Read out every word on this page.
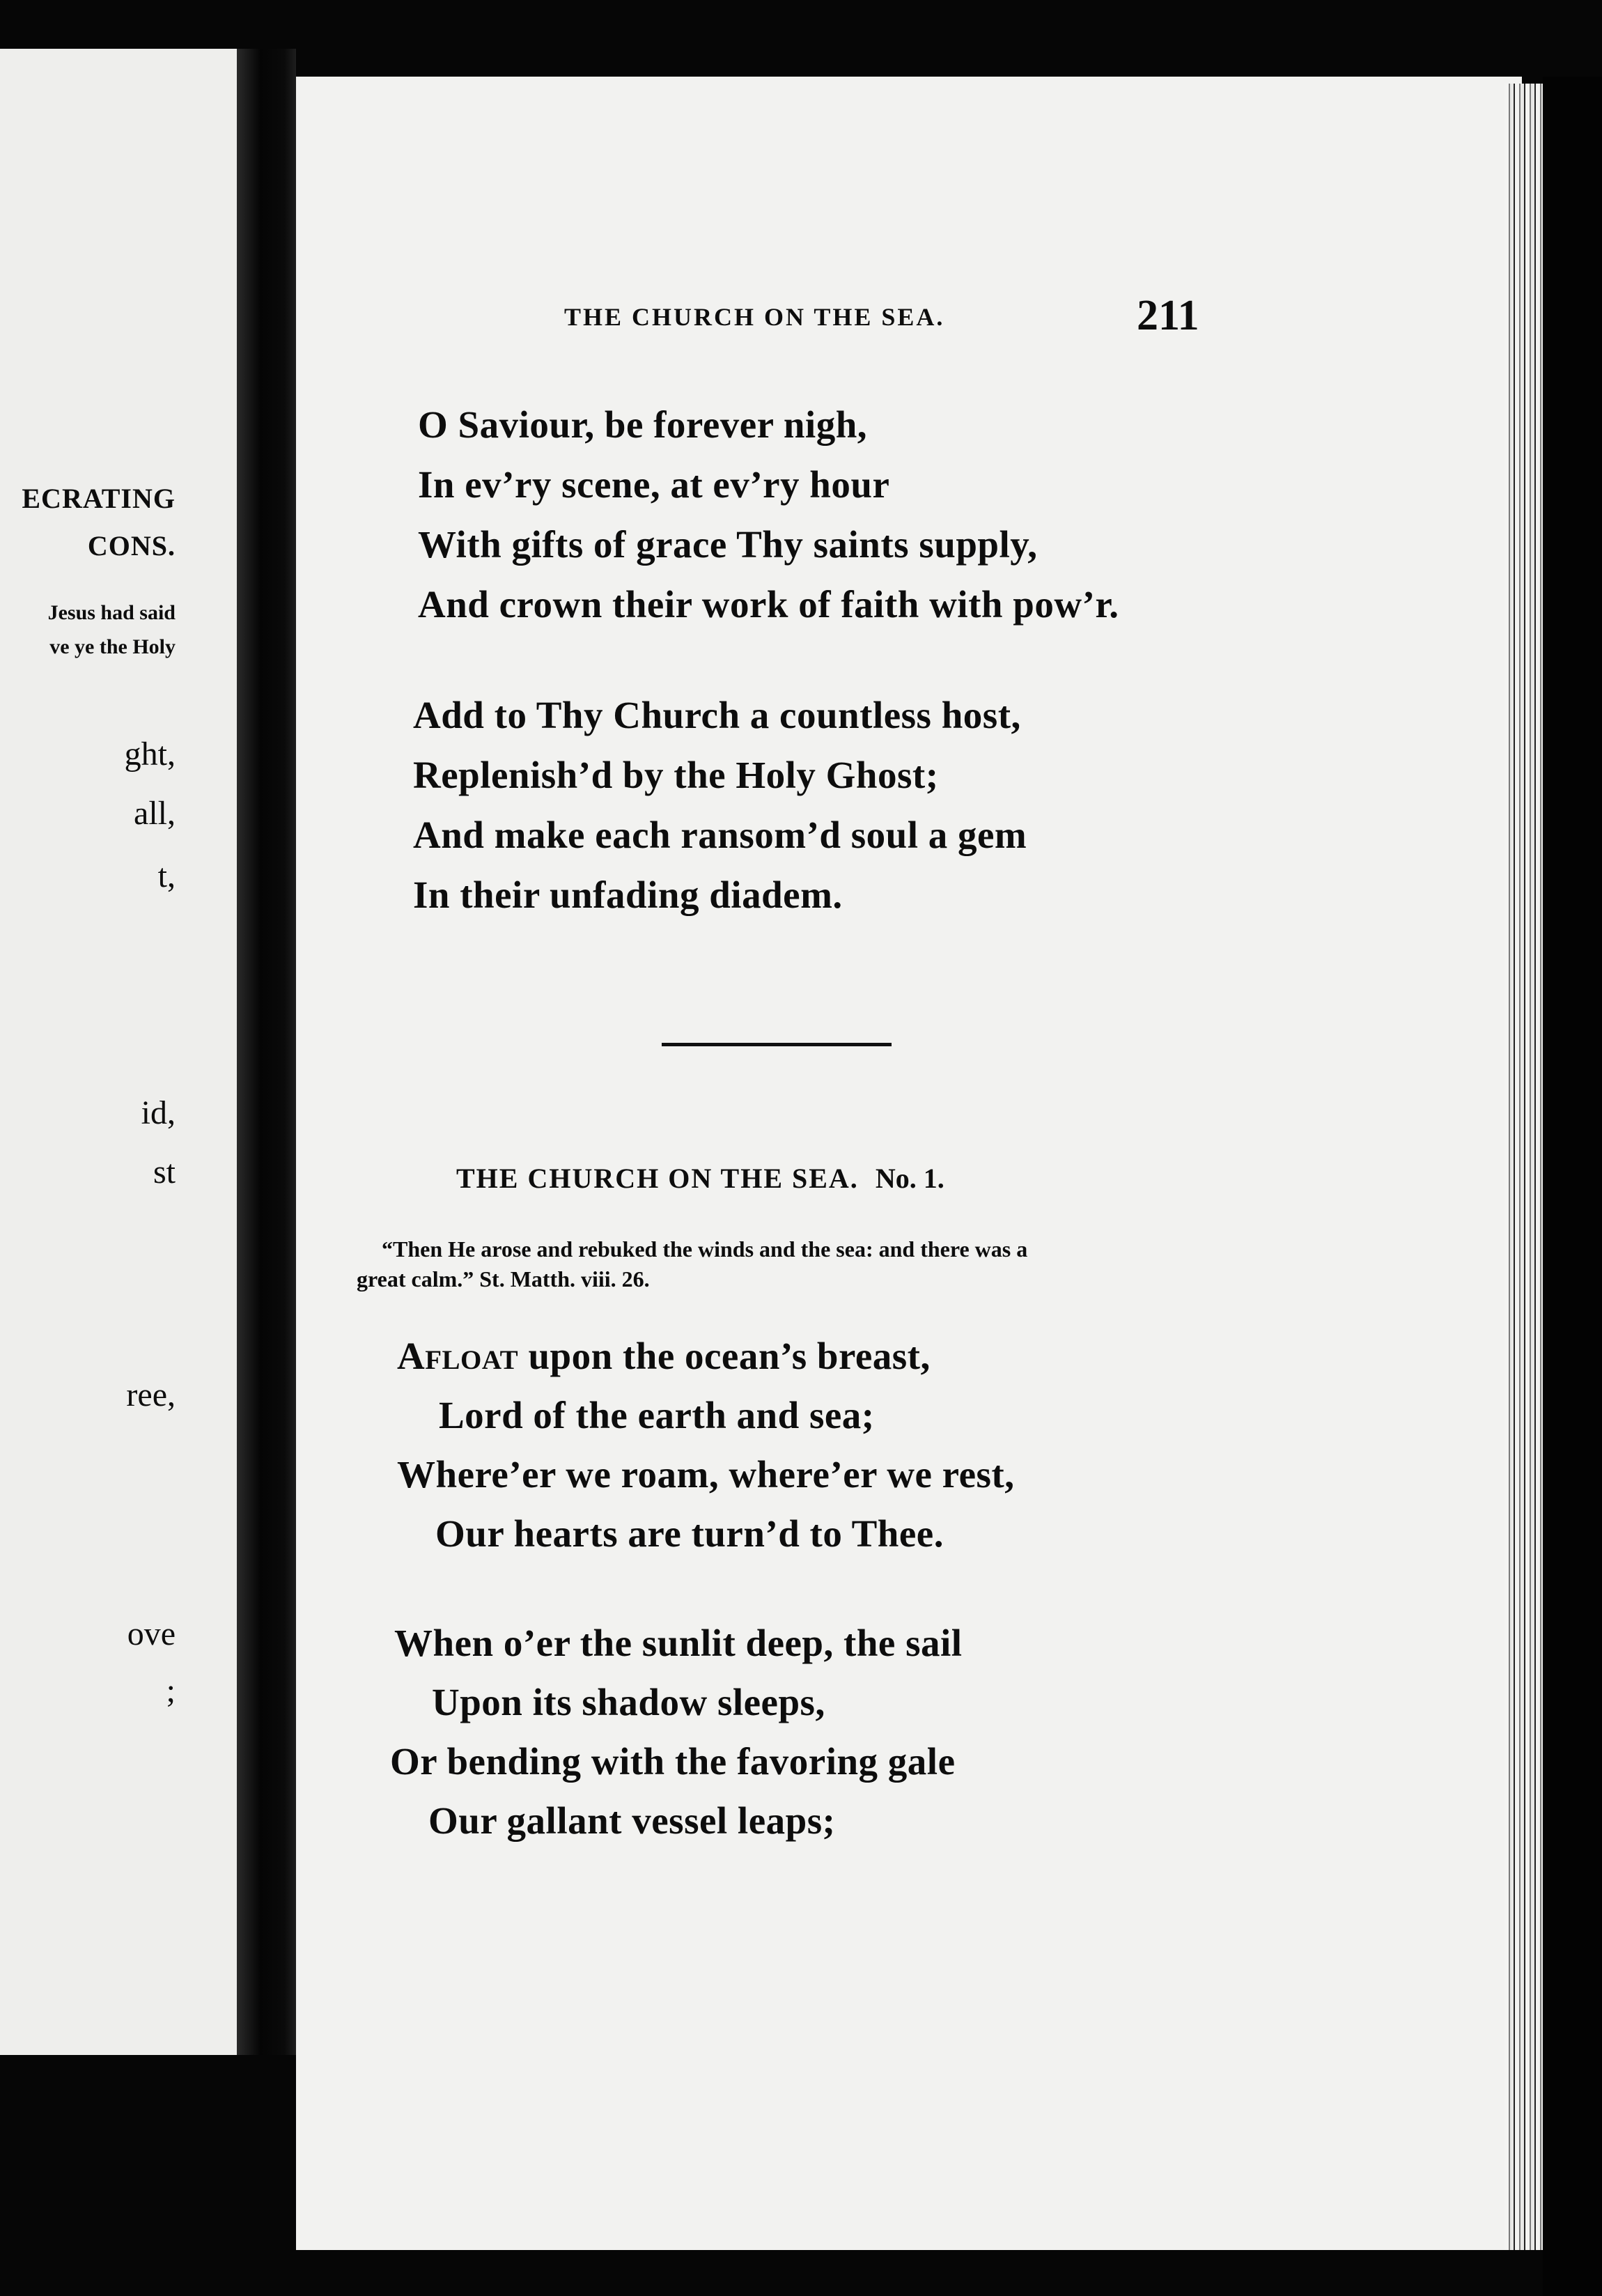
ECRATING
CONS.
Jesus had said
ve ye the Holy
ght,
all,
t,
id,
st
ree,
ove
;
THE CHURCH ON THE SEA.	211
O Saviour, be forever nigh,
In ev’ry scene, at ev’ry hour
With gifts of grace Thy saints supply,
And crown their work of faith with pow’r.
Add to Thy Church a countless host,
Replenish’d by the Holy Ghost;
And make each ransom’d soul a gem
In their unfading diadem.
THE CHURCH ON THE SEA. No. 1.
“Then He arose and rebuked the winds and the sea: and there was a
great calm.” St. Matth. viii. 26.
Afloat upon the ocean’s breast,
Lord of the earth and sea;
Where’er we roam, where’er we rest,
Our hearts are turn’d to Thee.
When o’er the sunlit deep, the sail
Upon its shadow sleeps,
Or bending with the favoring gale
Our gallant vessel leaps;
